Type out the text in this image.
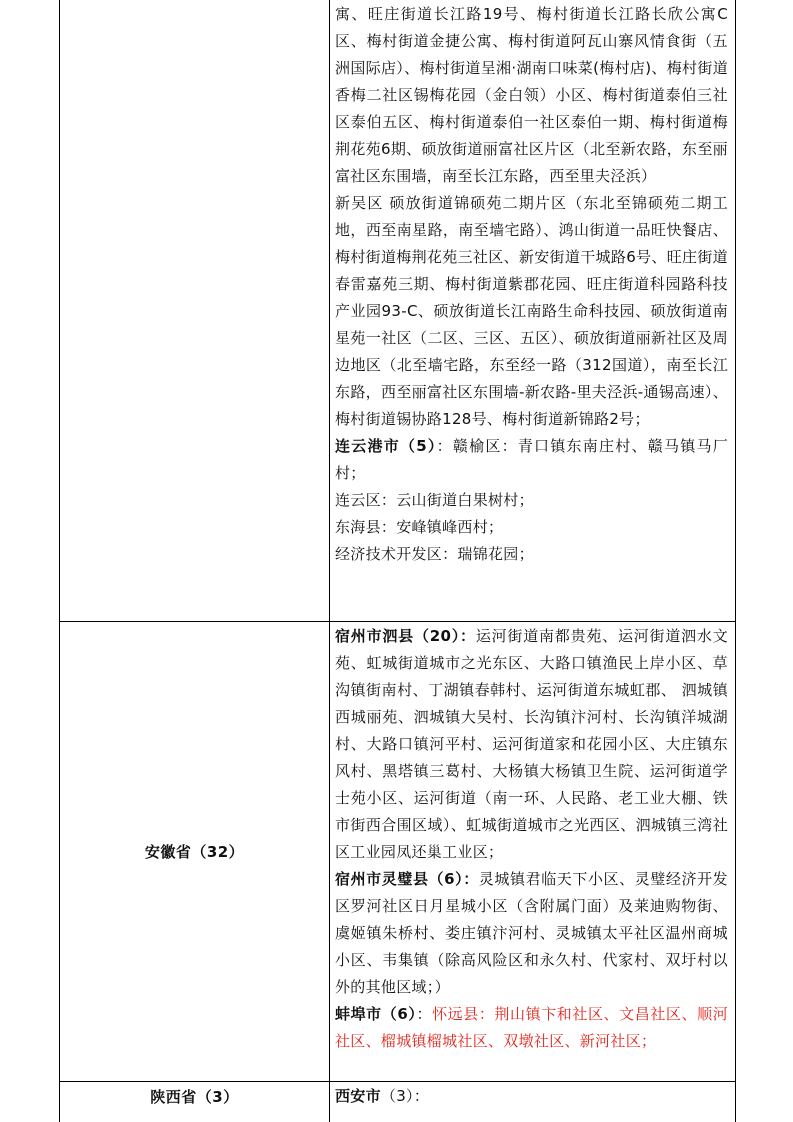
寓、旺庄街道长江路19号、梅村街道长江路长欣公寓C区、梅村街道金捷公寓、梅村街道阿瓦山寨风情食街（五洲国际店）、梅村街道呈湘·湖南口味菜(梅村店)、梅村街道香梅二社区锡梅花园（金白领）小区、梅村街道泰伯三社区泰伯五区、梅村街道泰伯一社区泰伯一期、梅村街道梅荆花苑6期、硕放街道丽富社区片区（北至新农路，东至丽富社区东围墙，南至长江东路，西至里夫泾浜）

新吴区 硕放街道锦硕苑二期片区（东北至锦硕苑二期工地，西至南星路，南至墙宅路）、鸿山街道一品旺快餐店、梅村街道梅荆花苑三社区、新安街道干城路6号、旺庄街道春雷嘉苑三期、梅村街道紫郡花园、旺庄街道科园路科技产业园93-C、硕放街道长江南路生命科技园、硕放街道南星苑一社区（二区、三区、五区）、硕放街道丽新社区及周边地区（北至墙宅路，东至经一路（312国道），南至长江东路，西至丽富社区东围墙-新农路-里夫泾浜-通锡高速）、梅村街道锡协路128号、梅村街道新锦路2号；

连云港市（5）：赣榆区：青口镇东南庄村、赣马镇马厂村；

连云区：云山街道白果树村；

东海县：安峰镇峰西村；

经济技术开发区：瑞锦花园；

安徽省（32）

宿州市泗县（20）：运河街道南都贵苑、运河街道泗水文苑、虹城街道城市之光东区、大路口镇渔民上岸小区、草沟镇街南村、丁湖镇春韩村、运河街道东城虹郡、 泗城镇西城丽苑、泗城镇大吴村、长沟镇汴河村、长沟镇洋城湖村、大路口镇河平村、运河街道家和花园小区、大庄镇东风村、黑塔镇三葛村、大杨镇大杨镇卫生院、运河街道学士苑小区、运河街道（南一环、人民路、老工业大棚、铁市街西合围区域）、虹城街道城市之光西区、泗城镇三湾社区工业园凤还巢工业区；

宿州市灵璧县（6）：灵城镇君临天下小区、灵璧经济开发区罗河社区日月星城小区（含附属门面）及莱迪购物街、虞姬镇朱桥村、娄庄镇汴河村、灵城镇太平社区温州商城小区、韦集镇（除高风险区和永久村、代家村、双圩村以外的其他区域；）

蚌埠市（6）：怀远县：荆山镇卞和社区、文昌社区、顺河社区、榴城镇榴城社区、双墩社区、新河社区；

陕西省（3）	西安市（3）：
